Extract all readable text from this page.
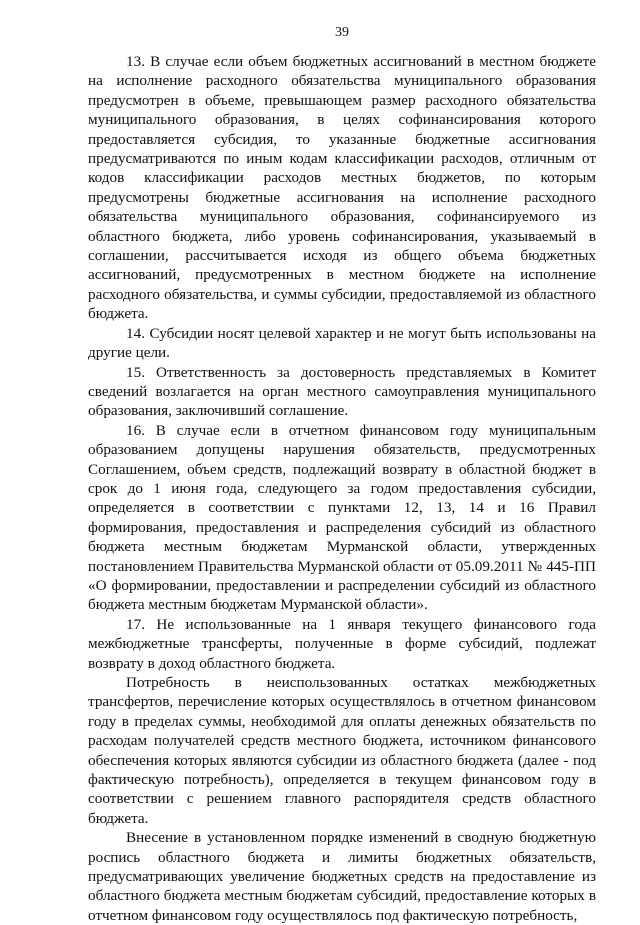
39

13. В случае если объем бюджетных ассигнований в местном бюджете на исполнение расходного обязательства муниципального образования предусмотрен в объеме, превышающем размер расходного обязательства муниципального образования, в целях софинансирования которого предоставляется субсидия, то указанные бюджетные ассигнования предусматриваются по иным кодам классификации расходов, отличным от кодов классификации расходов местных бюджетов, по которым предусмотрены бюджетные ассигнования на исполнение расходного обязательства муниципального образования, софинансируемого из областного бюджета, либо уровень софинансирования, указываемый в соглашении, рассчитывается исходя из общего объема бюджетных ассигнований, предусмотренных в местном бюджете на исполнение расходного обязательства, и суммы субсидии, предоставляемой из областного бюджета.

14. Субсидии носят целевой характер и не могут быть использованы на другие цели.

15. Ответственность за достоверность представляемых в Комитет сведений возлагается на орган местного самоуправления муниципального образования, заключивший соглашение.

16. В случае если в отчетном финансовом году муниципальным образованием допущены нарушения обязательств, предусмотренных Соглашением, объем средств, подлежащий возврату в областной бюджет в срок до 1 июня года, следующего за годом предоставления субсидии, определяется в соответствии с пунктами 12, 13, 14 и 16 Правил формирования, предоставления и распределения субсидий из областного бюджета местным бюджетам Мурманской области, утвержденных постановлением Правительства Мурманской области от 05.09.2011 № 445-ПП «О формировании, предоставлении и распределении субсидий из областного бюджета местным бюджетам Мурманской области».

17. Не использованные на 1 января текущего финансового года межбюджетные трансферты, полученные в форме субсидий, подлежат возврату в доход областного бюджета.

Потребность в неиспользованных остатках межбюджетных трансфертов, перечисление которых осуществлялось в отчетном финансовом году в пределах суммы, необходимой для оплаты денежных обязательств по расходам получателей средств местного бюджета, источником финансового обеспечения которых являются субсидии из областного бюджета (далее - под фактическую потребность), определяется в текущем финансовом году в соответствии с решением главного распорядителя средств областного бюджета.

Внесение в установленном порядке изменений в сводную бюджетную роспись областного бюджета и лимиты бюджетных обязательств, предусматривающих увеличение бюджетных средств на предоставление из областного бюджета местным бюджетам субсидий, предоставление которых в отчетном финансовом году осуществлялось под фактическую потребность,
